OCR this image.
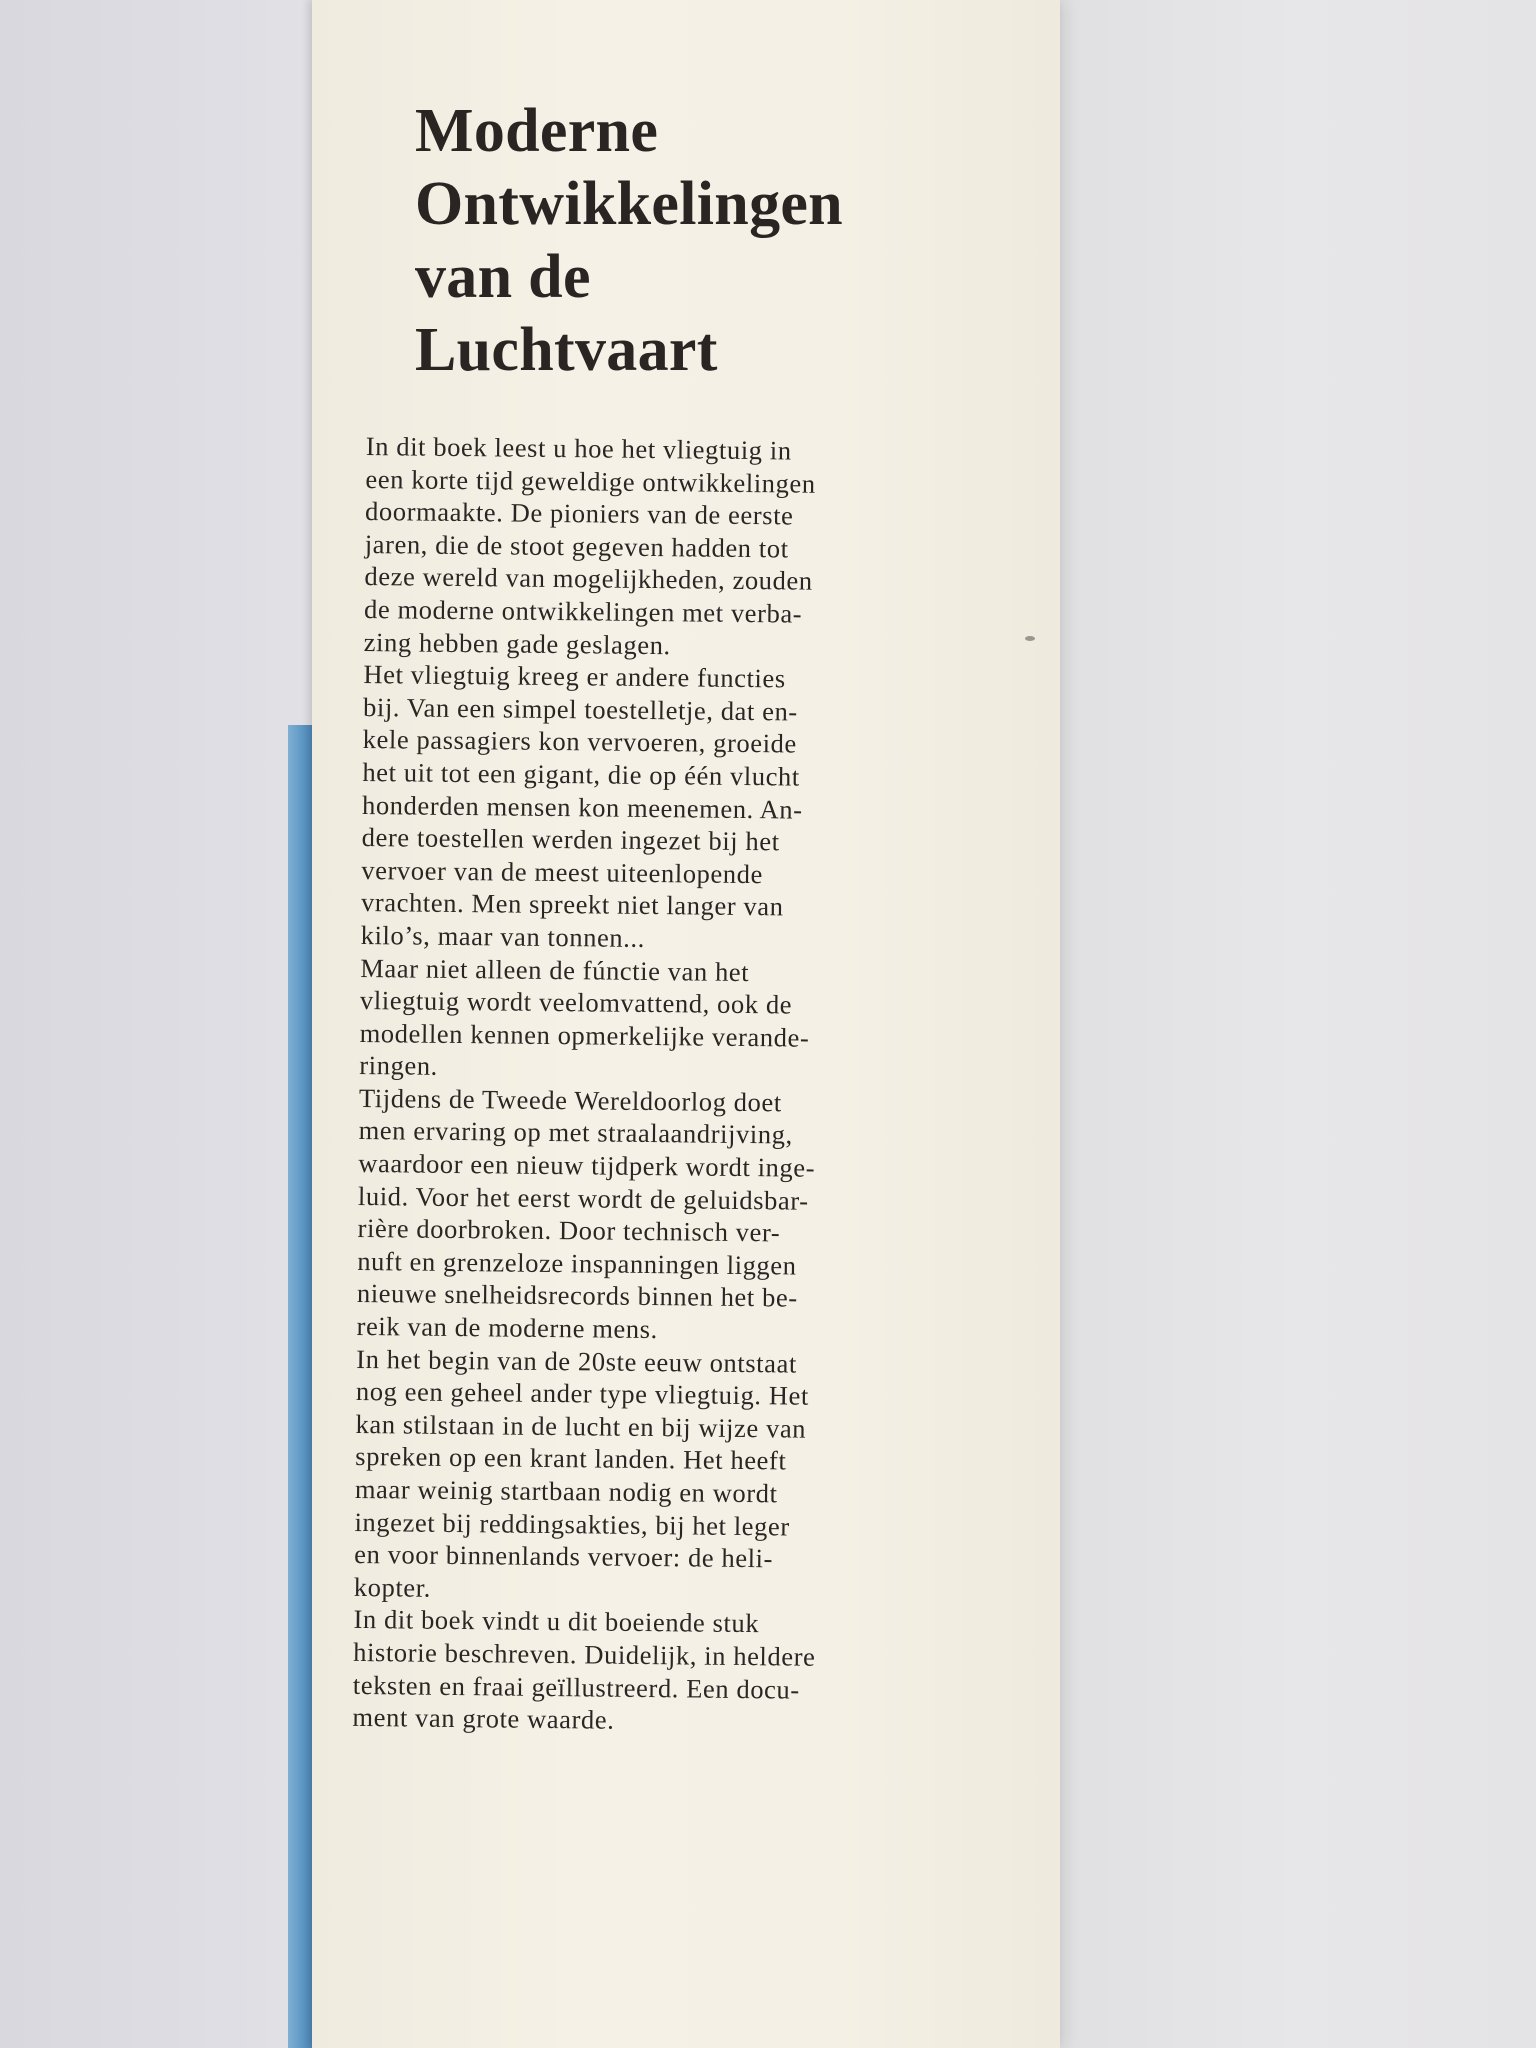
Moderne
Ontwikkelingen
van de
Luchtvaart
In dit boek leest u hoe het vliegtuig in
een korte tijd geweldige ontwikkelingen
doormaakte. De pioniers van de eerste
jaren, die de stoot gegeven hadden tot
deze wereld van mogelijkheden, zouden
de moderne ontwikkelingen met verba-
zing hebben gade geslagen.
Het vliegtuig kreeg er andere functies
bij. Van een simpel toestelletje, dat en-
kele passagiers kon vervoeren, groeide
het uit tot een gigant, die op één vlucht
honderden mensen kon meenemen. An-
dere toestellen werden ingezet bij het
vervoer van de meest uiteenlopende
vrachten. Men spreekt niet langer van
kilo’s, maar van tonnen...
Maar niet alleen de fúnctie van het
vliegtuig wordt veelomvattend, ook de
modellen kennen opmerkelijke verande-
ringen.
Tijdens de Tweede Wereldoorlog doet
men ervaring op met straalaandrijving,
waardoor een nieuw tijdperk wordt inge-
luid. Voor het eerst wordt de geluidsbar-
rière doorbroken. Door technisch ver-
nuft en grenzeloze inspanningen liggen
nieuwe snelheidsrecords binnen het be-
reik van de moderne mens.
In het begin van de 20ste eeuw ontstaat
nog een geheel ander type vliegtuig. Het
kan stilstaan in de lucht en bij wijze van
spreken op een krant landen. Het heeft
maar weinig startbaan nodig en wordt
ingezet bij reddingsakties, bij het leger
en voor binnenlands vervoer: de heli-
kopter.
In dit boek vindt u dit boeiende stuk
historie beschreven. Duidelijk, in heldere
teksten en fraai geïllustreerd. Een docu-
ment van grote waarde.
